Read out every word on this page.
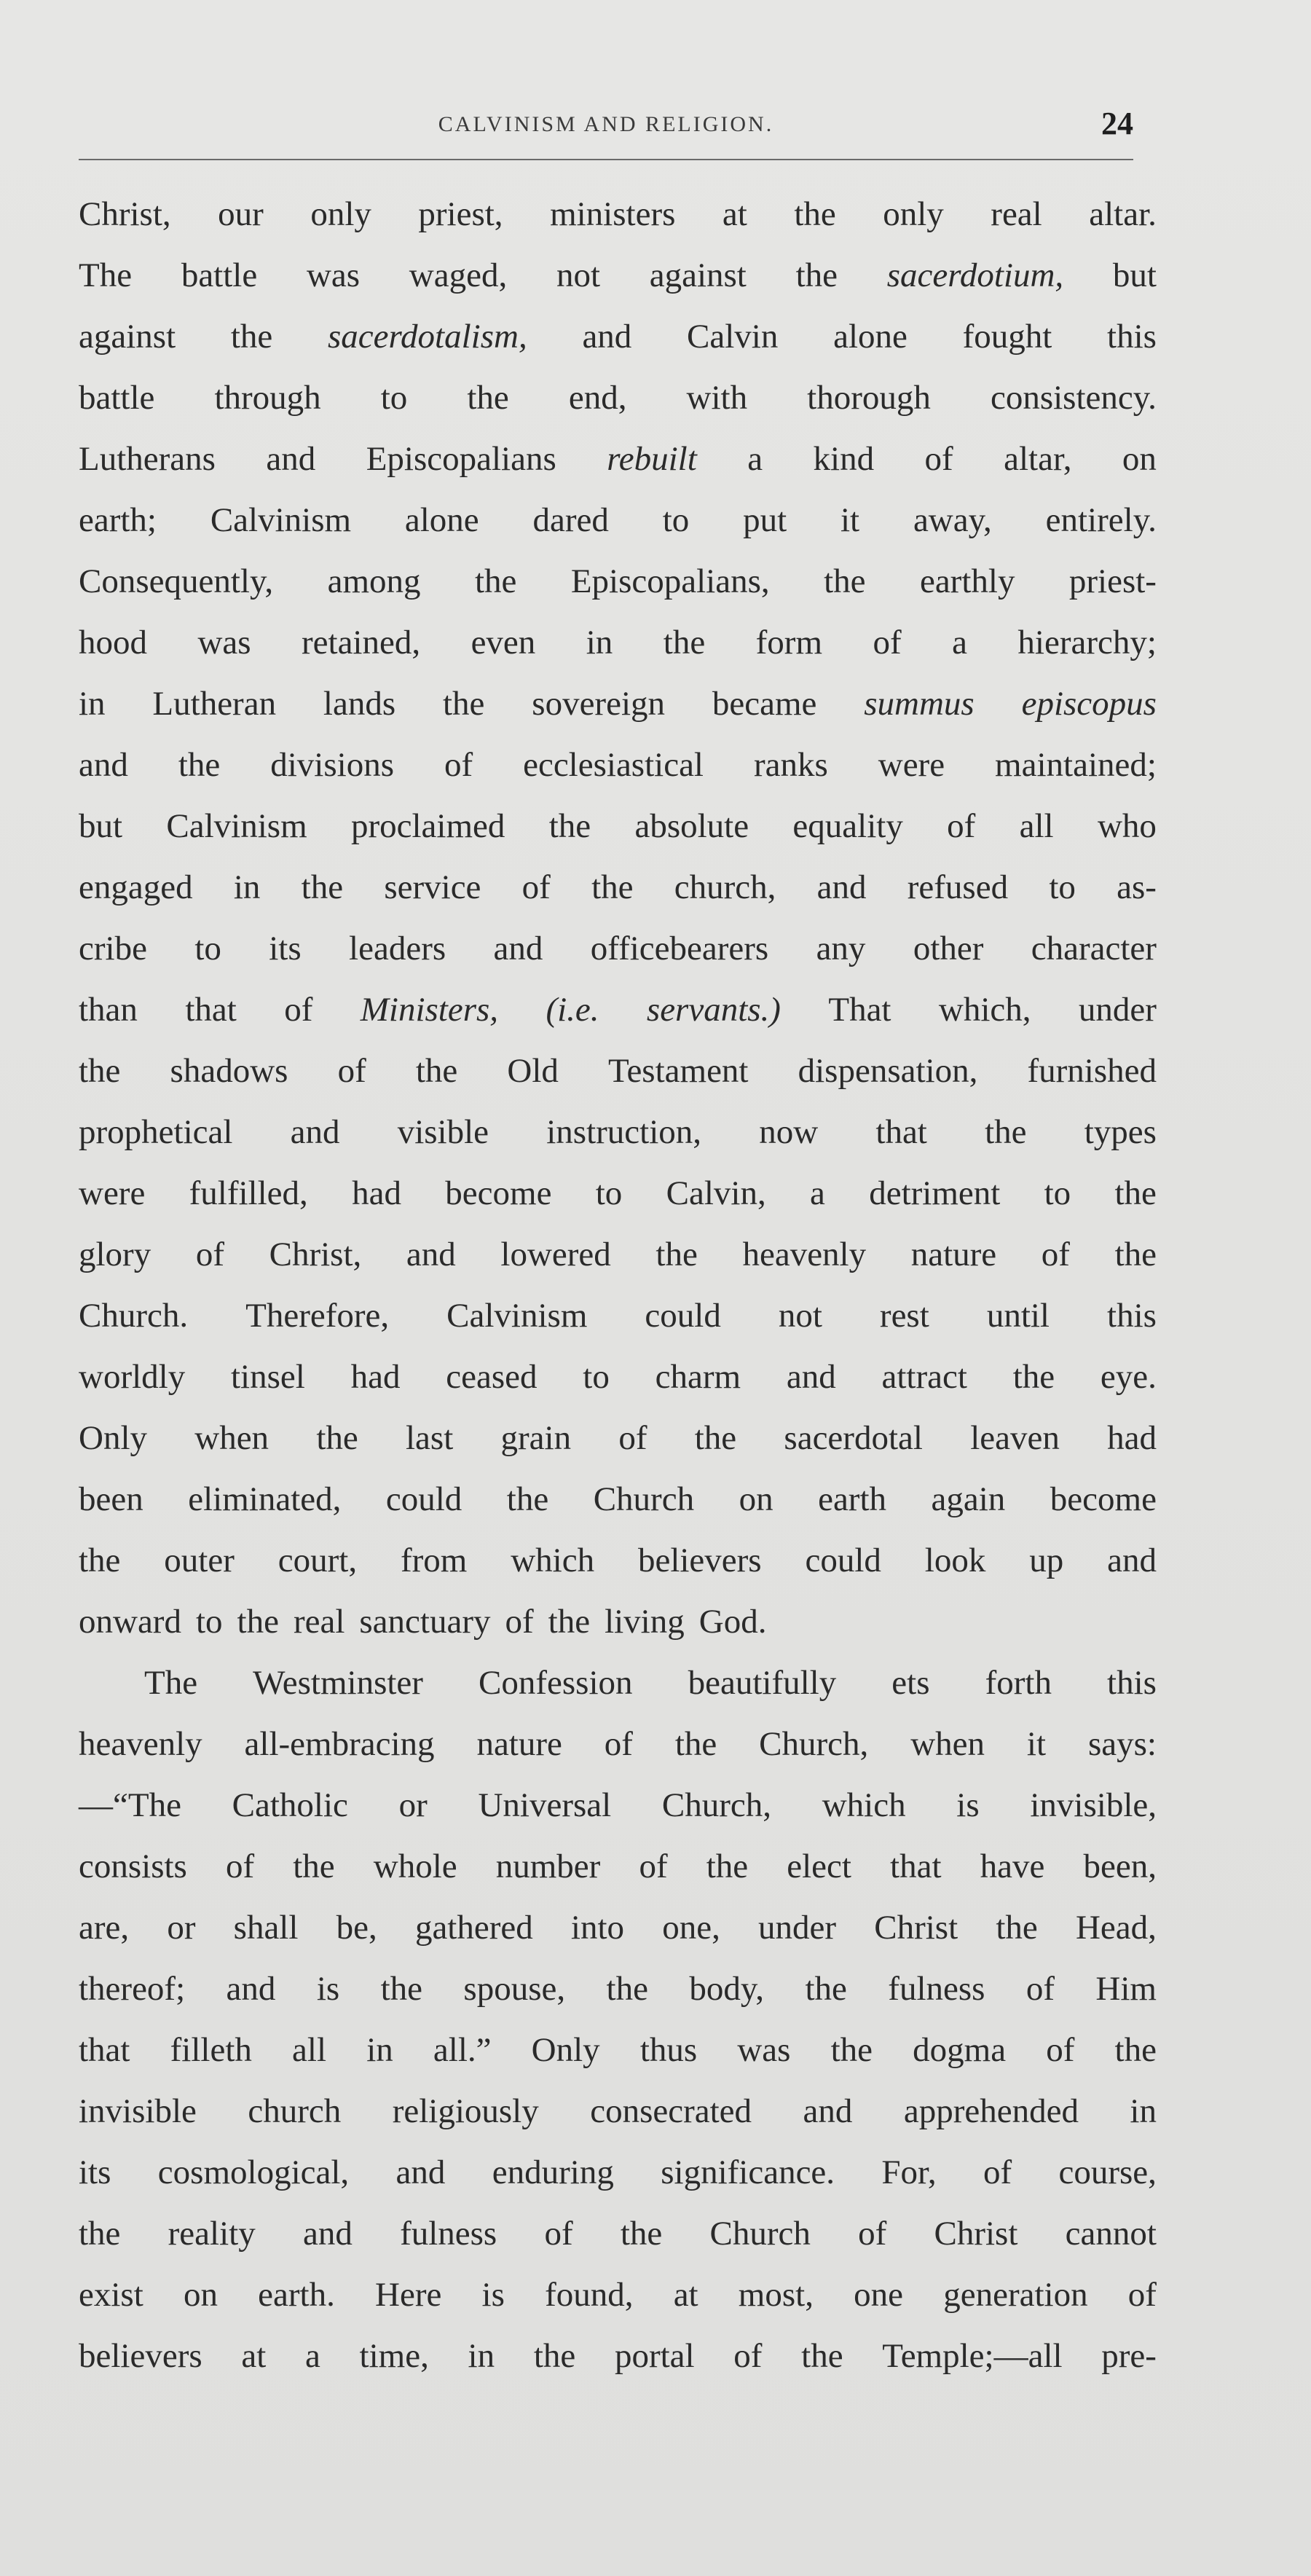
CALVINISM AND RELIGION.	24
Christ, our only priest, ministers at the only real altar.
The battle was waged, not against the sacerdotium, but
against the sacerdotalism, and Calvin alone fought this
battle through to the end, with thorough consistency.
Lutherans and Episcopalians rebuilt a kind of altar, on
earth; Calvinism alone dared to put it away, entirely.
Consequently, among the Episcopalians, the earthly priest-
hood was retained, even in the form of a hierarchy;
in Lutheran lands the sovereign became summus episcopus
and the divisions of ecclesiastical ranks were maintained;
but Calvinism proclaimed the absolute equality of all who
engaged in the service of the church, and refused to as-
cribe to its leaders and officebearers any other character
than that of Ministers, (i.e. servants.) That which, under
the shadows of the Old Testament dispensation, furnished
prophetical and visible instruction, now that the types
were fulfilled, had become to Calvin, a detriment to the
glory of Christ, and lowered the heavenly nature of the
Church. Therefore, Calvinism could not rest until this
worldly tinsel had ceased to charm and attract the eye.
Only when the last grain of the sacerdotal leaven had
been eliminated, could the Church on earth again become
the outer court, from which believers could look up and
onward to the real sanctuary of the living God.
The Westminster Confession beautifully ets forth this
heavenly all-embracing nature of the Church, when it says:
—“The Catholic or Universal Church, which is invisible,
consists of the whole number of the elect that have been,
are, or shall be, gathered into one, under Christ the Head,
thereof; and is the spouse, the body, the fulness of Him
that filleth all in all.” Only thus was the dogma of the
invisible church religiously consecrated and apprehended in
its cosmological, and enduring significance. For, of course,
the reality and fulness of the Church of Christ cannot
exist on earth. Here is found, at most, one generation of
believers at a time, in the portal of the Temple;—all pre-
